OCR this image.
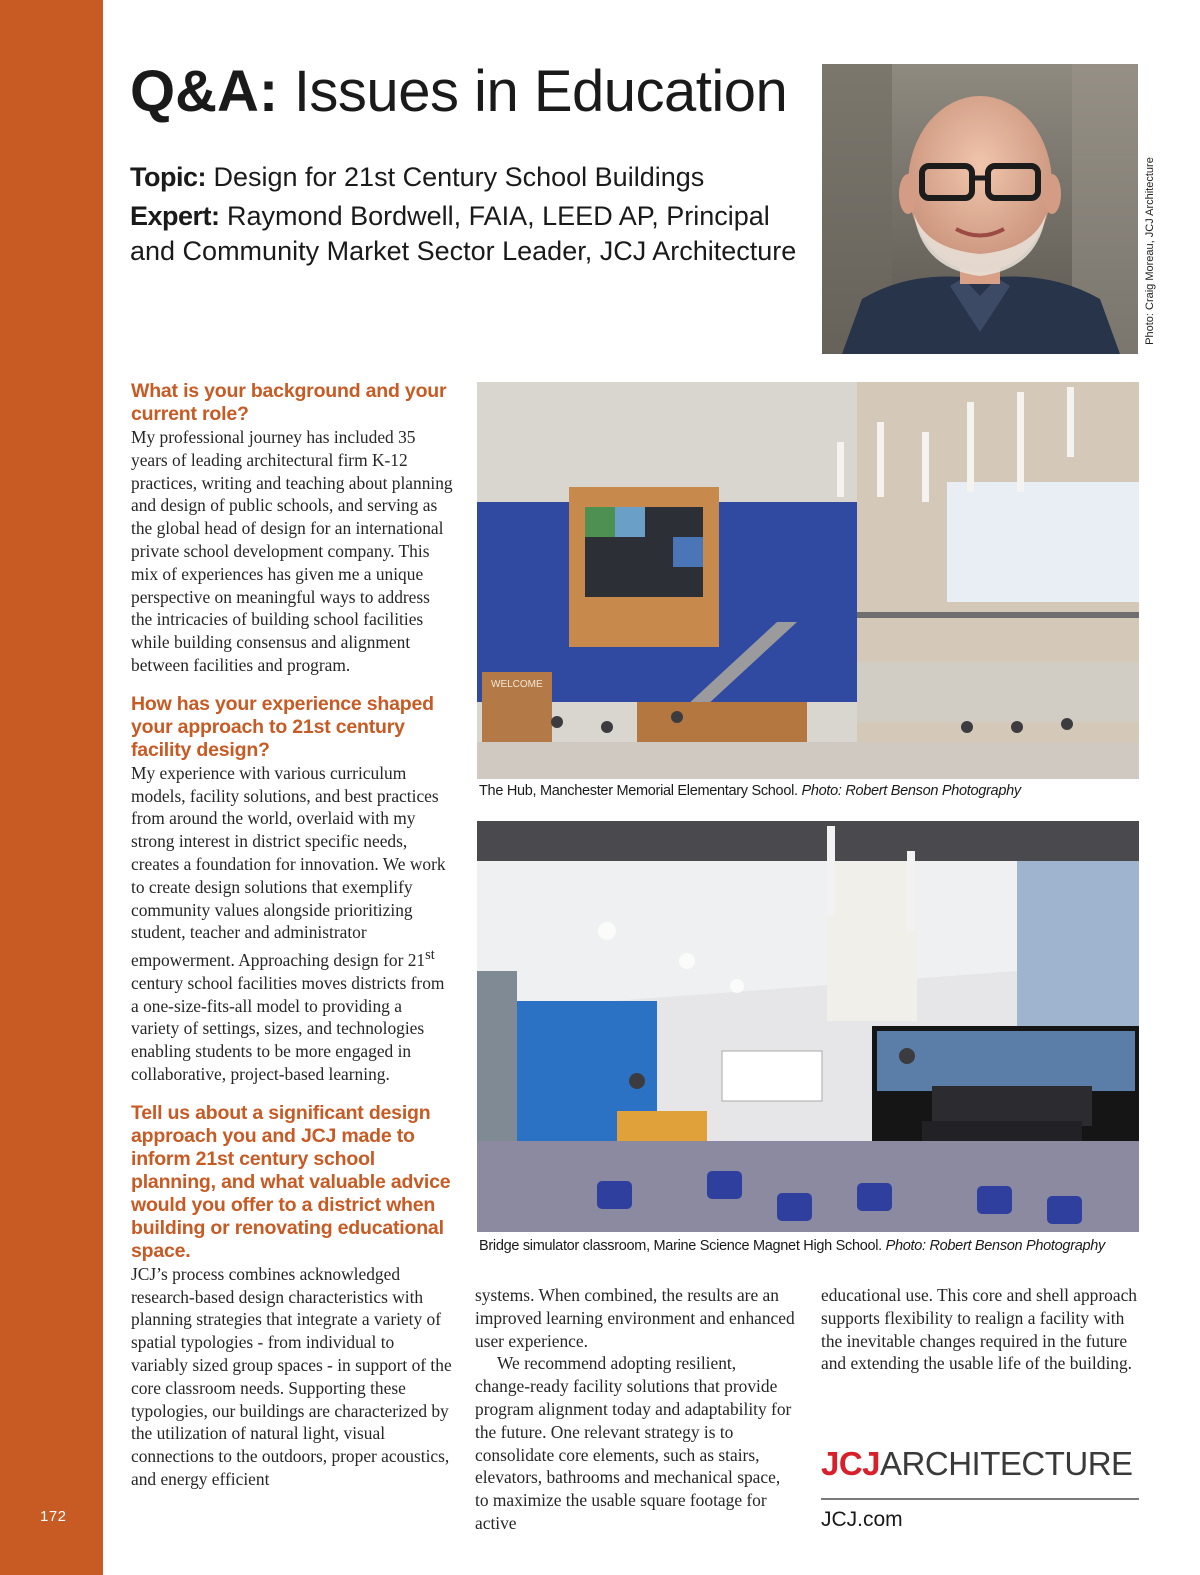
172
Q&A: Issues in Education

Topic: Design for 21st Century School Buildings

Expert: Raymond Bordwell, FAIA, LEED AP, Principal and Community Market Sector Leader, JCJ Architecture	Photo: Craig Moreau, JCJ Architecture
What is your background and your current role?

My professional journey has included 35 years of leading architectural firm K-12 practices, writing and teaching about planning and design of public schools, and serving as the global head of design for an international private school development company. This mix of experiences has given me a unique perspective on meaningful ways to address the intricacies of building school facilities while building consensus and alignment between facilities and program.

How has your experience shaped your approach to 21st century facility design?

My experience with various curriculum models, facility solutions, and best practices from around the world, overlaid with my strong interest in district specific needs, creates a foundation for innovation. We work to create design solutions that exemplify community values alongside prioritizing student, teacher and administrator empowerment. Approaching design for 21st century school facilities moves districts from a one-size-fits-all model to providing a variety of settings, sizes, and technologies enabling students to be more engaged in collaborative, project-based learning.

Tell us about a significant design approach you and JCJ made to inform 21st century school planning, and what valuable advice would you offer to a district when building or renovating educational space.

JCJ’s process combines acknowledged research-based design characteristics with planning strategies that integrate a variety of spatial typologies - from individual to variably sized group spaces - in support of the core classroom needs. Supporting these typologies, our buildings are characterized by the utilization of natural light, visual connections to the outdoors, proper acoustics, and energy efficient

WELCOME
The Hub, Manchester Memorial Elementary School. Photo: Robert Benson Photography
Bridge simulator classroom, Marine Science Magnet High School. Photo: Robert Benson Photography

systems. When combined, the results are an improved learning environment and enhanced user experience.

We recommend adopting resilient, change-ready facility solutions that provide program alignment today and adaptability for the future. One relevant strategy is to consolidate core elements, such as stairs, elevators, bathrooms and mechanical space, to maximize the usable square footage for active

educational use. This core and shell approach supports flexibility to realign a facility with the inevitable changes required in the future and extending the usable life of the building.

JCJARCHITECTURE
JCJ.com
